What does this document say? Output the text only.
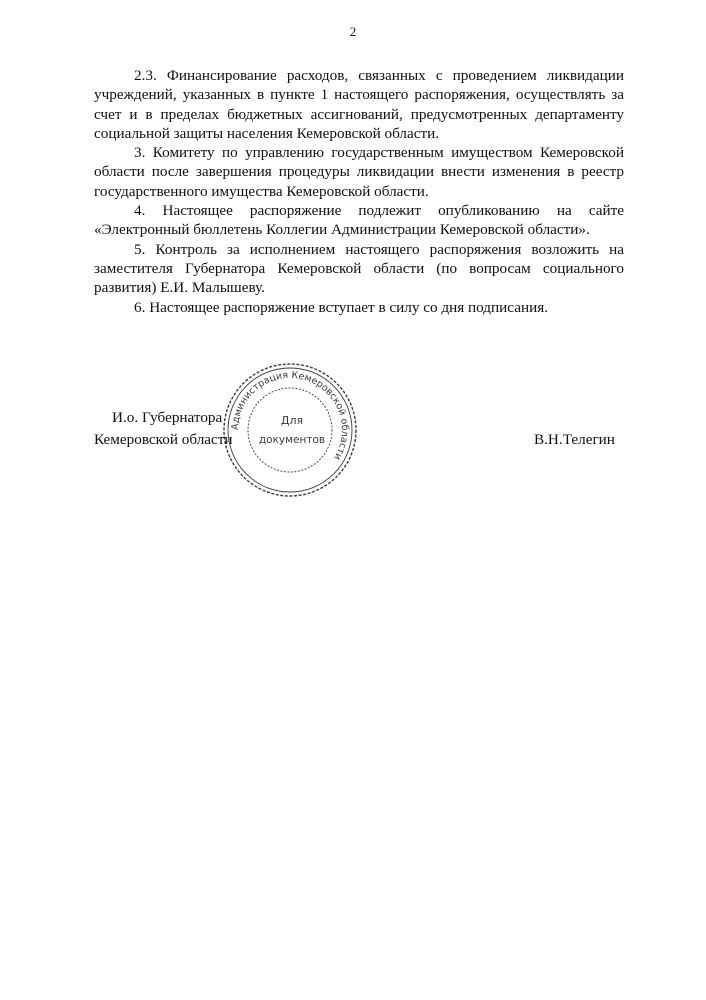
2

2.3. Финансирование расходов, связанных с проведением ликвидации учреждений, указанных в пункте 1 настоящего распоряжения, осуществлять за счет и в пределах бюджетных ассигнований, предусмотренных департаменту социальной защиты населения Кемеровской области.

3. Комитету по управлению государственным имуществом Кемеровской области после завершения процедуры ликвидации внести изменения в реестр государственного имущества Кемеровской области.

4. Настоящее распоряжение подлежит опубликованию на сайте «Электронный бюллетень Коллегии Администрации Кемеровской области».

5. Контроль за исполнением настоящего распоряжения возложить на заместителя Губернатора Кемеровской области (по вопросам социального развития) Е.И. Малышеву.

6. Настоящее распоряжение вступает в силу со дня подписания.

И.о. Губернатора
Кемеровской области	В.Н.Телегин
Администрация Кемеровской области
Для
документов
